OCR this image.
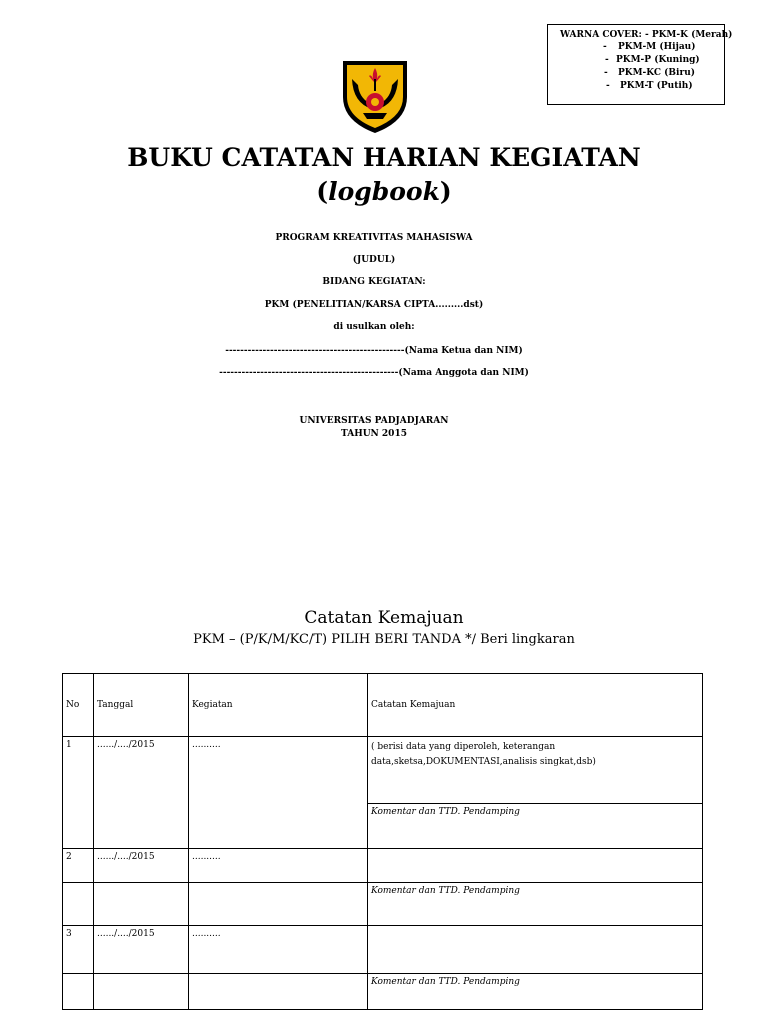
WARNA COVER: - PKM-K (Merah)
- PKM-M (Hijau)
- PKM-P (Kuning)
- PKM-KC (Biru)
- PKM-T (Putih)
BUKU CATATAN HARIAN KEGIATAN
(logbook)
PROGRAM KREATIVITAS MAHASISWA
(JUDUL)
BIDANG KEGIATAN:
PKM (PENELITIAN/KARSA CIPTA.........dst)
di usulkan oleh:
------------------------------------------------(Nama Ketua dan NIM)
------------------------------------------------(Nama Anggota dan NIM)
UNIVERSITAS PADJADJARAN
TAHUN 2015
Catatan Kemajuan
PKM – (P/K/M/KC/T) PILIH BERI TANDA */ Beri lingkaran
No	Tanggal	Kegiatan	Catatan Kemajuan
1	....../..../2015	..........	( berisi data yang diperoleh, keterangan
data,sketsa,DOKUMENTASI,analisis singkat,dsb)

			Komentar dan TTD. Pendamping
2	....../..../2015	..........	
			Komentar dan TTD. Pendamping
3	....../..../2015	..........	
			Komentar dan TTD. Pendamping
